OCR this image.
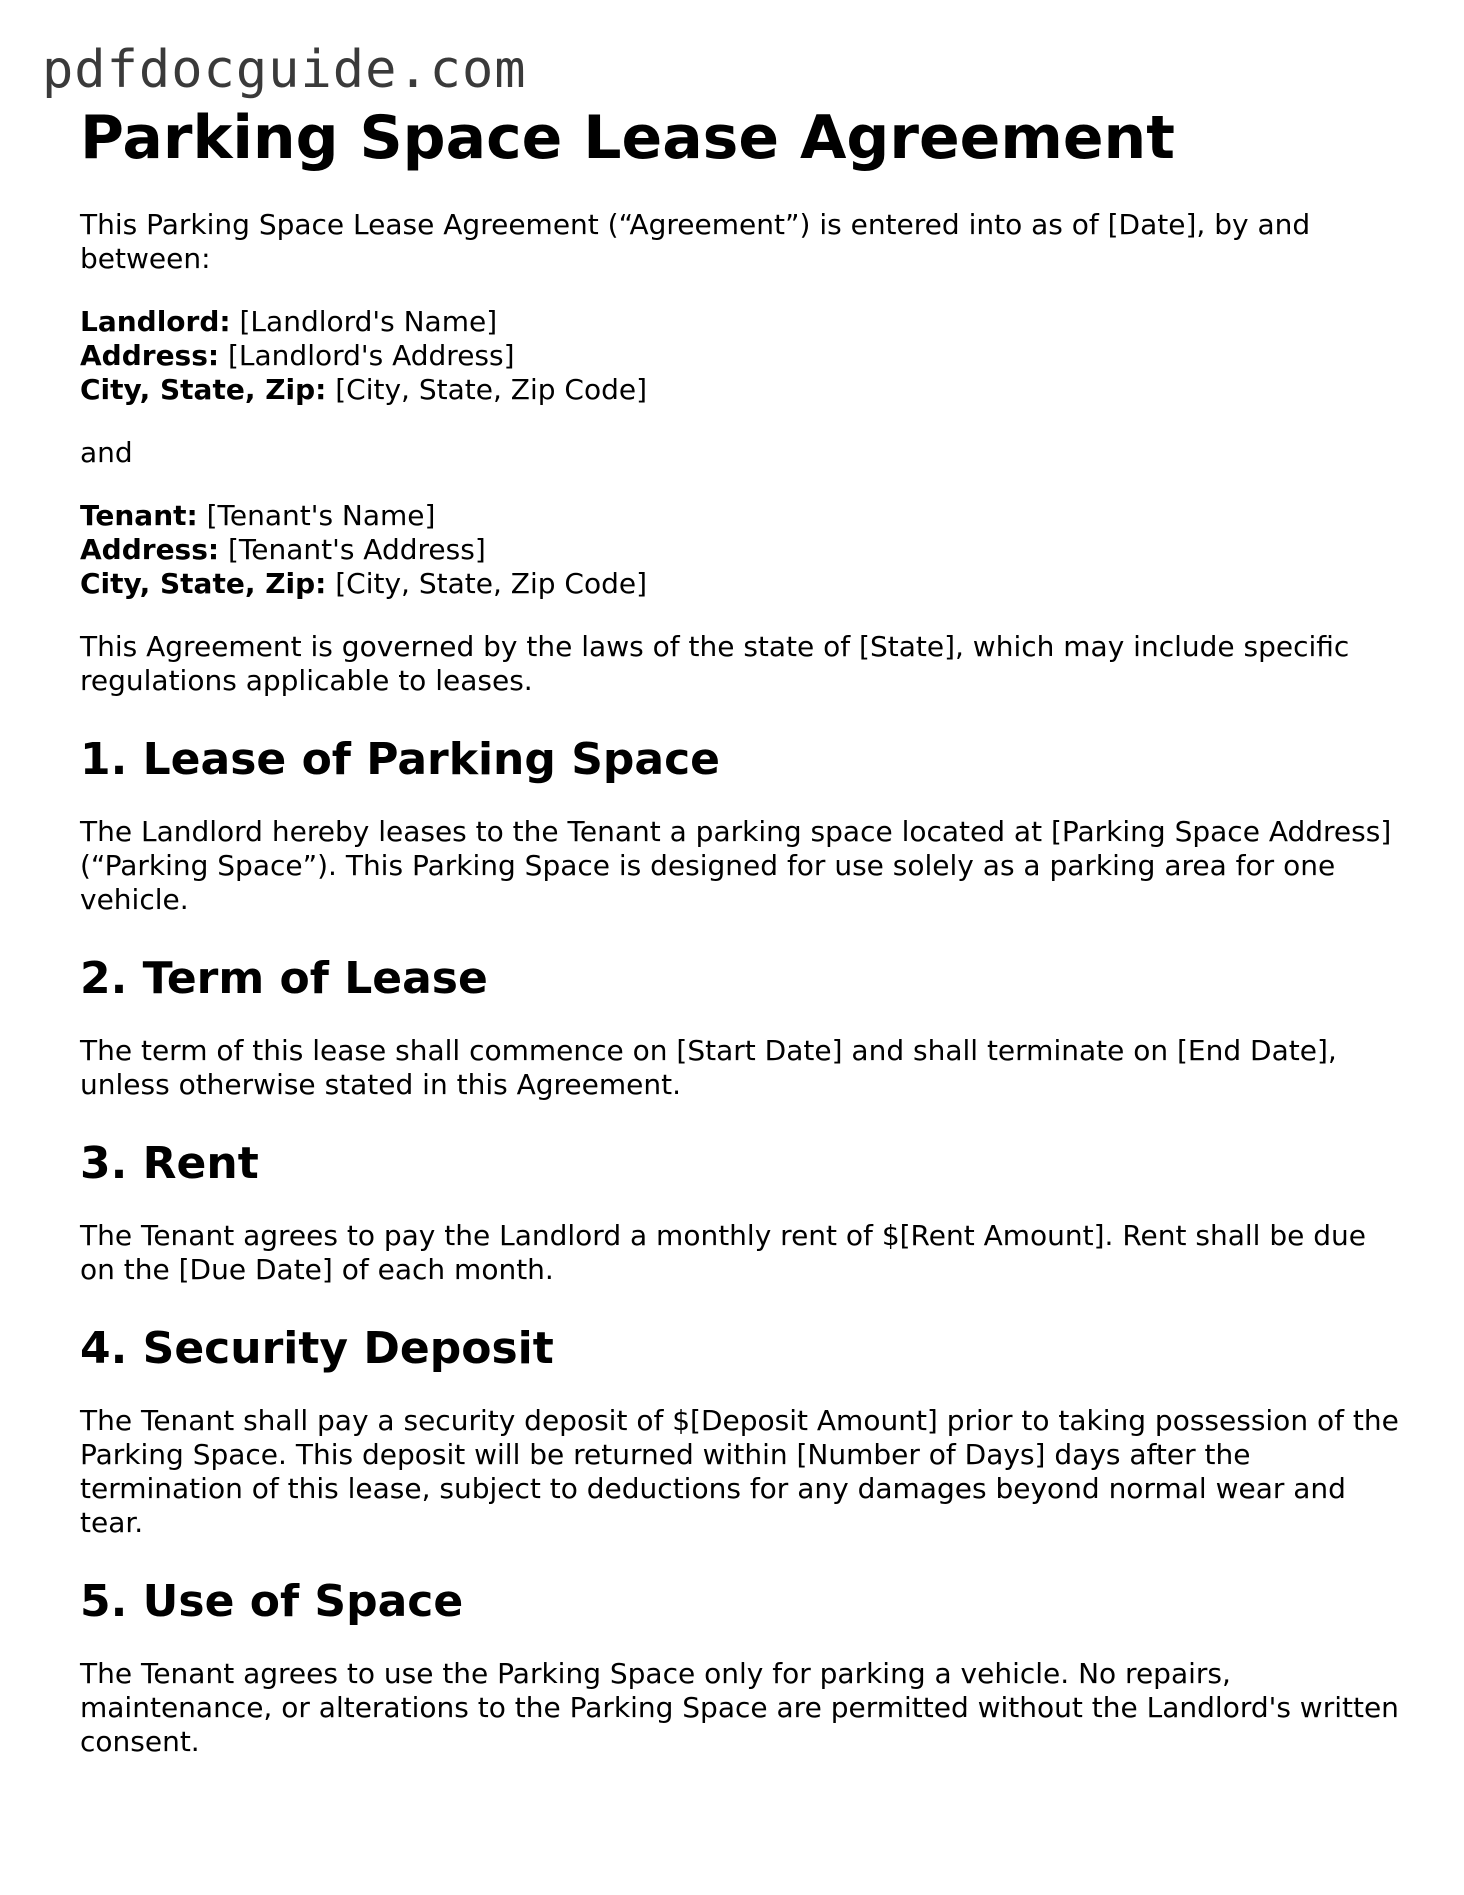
pdfdocguide.com
Parking Space Lease Agreement

This Parking Space Lease Agreement (“Agreement”) is entered into as of [Date], by and between:

Landlord: [Landlord's Name]

Address: [Landlord's Address]

City, State, Zip: [City, State, Zip Code]

and

Tenant: [Tenant's Name]

Address: [Tenant's Address]

City, State, Zip: [City, State, Zip Code]

This Agreement is governed by the laws of the state of [State], which may include specific regulations applicable to leases.

1. Lease of Parking Space

The Landlord hereby leases to the Tenant a parking space located at [Parking Space Address] (“Parking Space”). This Parking Space is designed for use solely as a parking area for one vehicle.

2. Term of Lease

The term of this lease shall commence on [Start Date] and shall terminate on [End Date], unless otherwise stated in this Agreement.

3. Rent

The Tenant agrees to pay the Landlord a monthly rent of $[Rent Amount]. Rent shall be due on the [Due Date] of each month.

4. Security Deposit

The Tenant shall pay a security deposit of $[Deposit Amount] prior to taking possession of the Parking Space. This deposit will be returned within [Number of Days] days after the termination of this lease, subject to deductions for any damages beyond normal wear and tear.

5. Use of Space

The Tenant agrees to use the Parking Space only for parking a vehicle. No repairs, maintenance, or alterations to the Parking Space are permitted without the Landlord's written consent.
